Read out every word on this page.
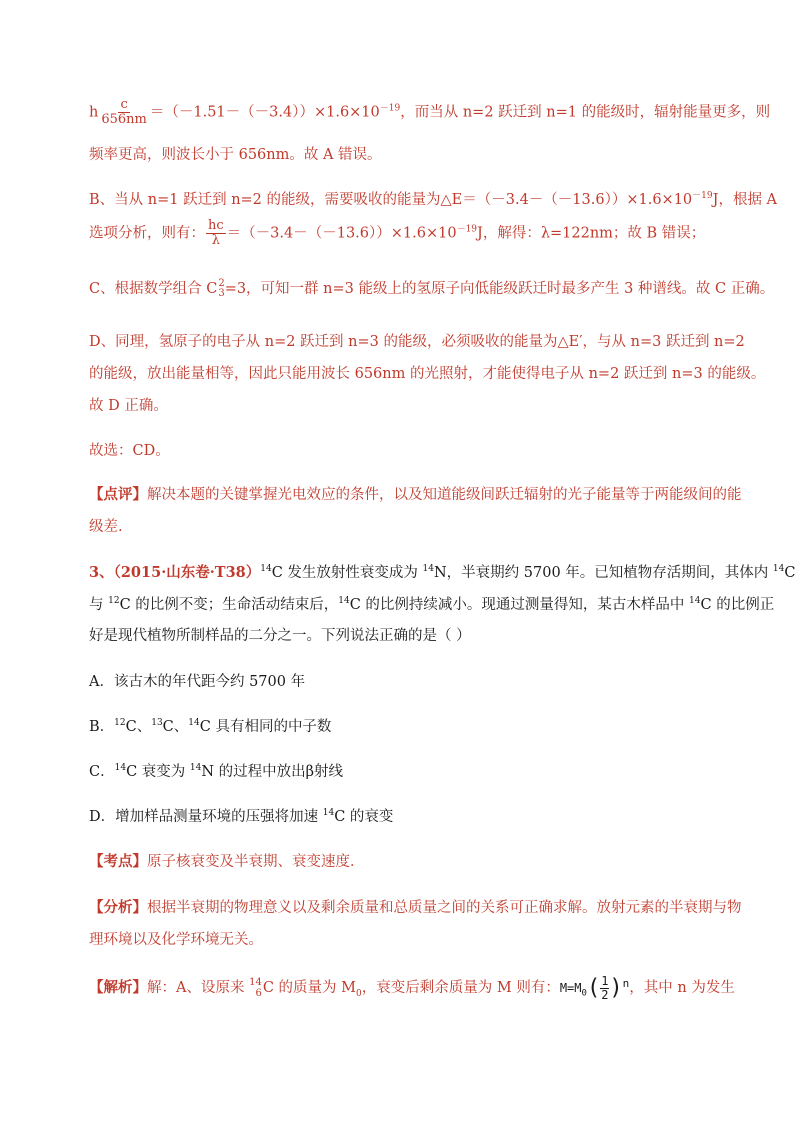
h $\frac{c}{656nm} =(-1.51-(-3.4))\times 1.6\times 10^{-19}$，而当从 n=2 跃迁到 n=1 的能级时，辐射能量更多，则
频率更高，则波长小于 656nm。故 A 错误。
B、当从 n=1 跃迁到 n=2 的能级，需要吸收的能量为$\triangle E=(-3.4-(-13.6))\times 1.6\times 10^{-19}J$，根据 A
选项分析，则有： $\frac{hc}{\lambda} =(-3.4-(-13.6))\times 1.6\times 10^{-19}J$，解得：λ=122nm；故 B 错误；
C、根据数学组合 C 2
3 =3，可知一群 n=3 能级上的氢原子向低能级跃迁时最多产生 3 种谱线。故 C 正确。
D、同理，氢原子的电子从 n=2 跃迁到 n=3 的能级，必须吸收的能量为△E′，与从 n=3 跃迁到 n=2
的能级，放出能量相等，因此只能用波长 656nm 的光照射，才能使得电子从 n=2 跃迁到 n=3 的能级。
故 D 正确。
故选：CD。
【点评】解决本题的关键掌握光电效应的条件，以及知道能级间跃迁辐射的光子能量等于两能级间的能
级差.
3、（2015·山东卷·T38）$^{14}$C 发生放射性衰变成为 $^{14}$N，半衰期约 5700 年。已知植物存活期间，其体内 $^{14}$C
与 $^{12}$C 的比例不变；生命活动结束后，$^{14}$C 的比例持续减小。现通过测量得知，某古木样品中 $^{14}$C 的比例正
好是现代植物所制样品的二分之一。下列说法正确的是（ ）
A．该古木的年代距今约 5700 年
B．$^{12}$C、$^{13}$C、$^{14}$C 具有相同的中子数
C．$^{14}$C 衰变为 $^{14}$N 的过程中放出β射线
D．增加样品测量环境的压强将加速 $^{14}$C 的衰变
【考点】原子核衰变及半衰期、衰变速度．
【分析】根据半衰期的物理意义以及剩余质量和总质量之间的关系可正确求解。放射元素的半衰期与物
理环境以及化学环境无关。
【解析】解：A、设原来 14
6 C 的质量为 $M_0$，衰变后剩余质量为 M 则有：$M=M_0( \frac{1}{2} )^n$，其中 n 为发生
